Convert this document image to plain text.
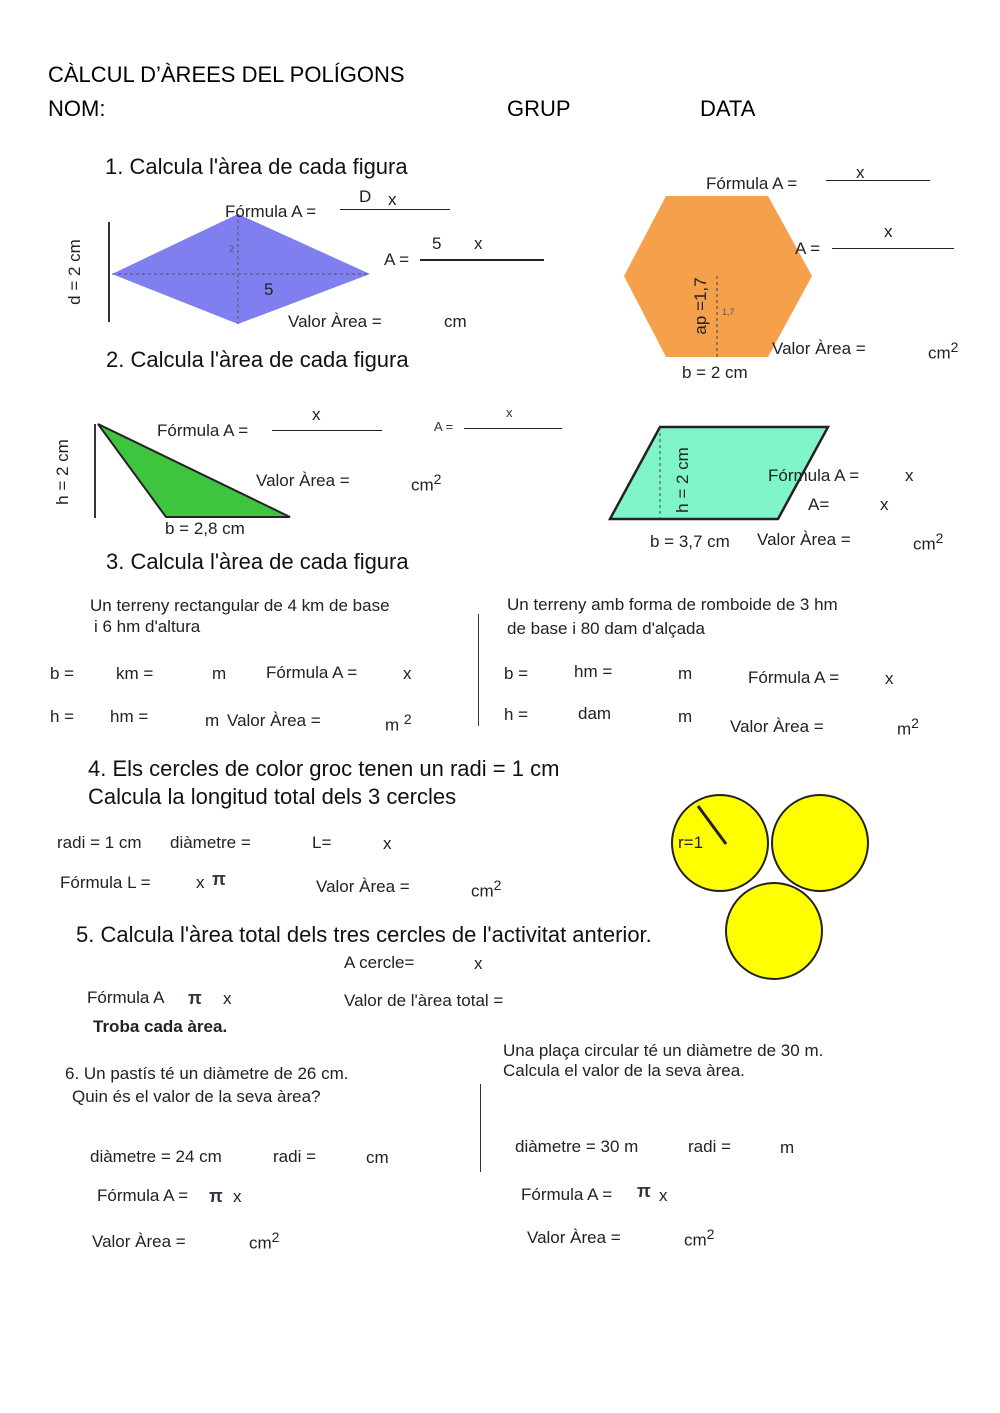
CÀLCUL D’ÀREES DEL POLÍGONS
NOM:	GRUP	DATA
1. Calcula l'àrea de cada figura
d = 2 cm	2
5
Fórmula A =
D x
A =
5 x
Valor Àrea =	cm
Fórmula A =
x
ap =1,7 1,7
A =
x
Valor Àrea =	$cm^2$
b = 2 cm
2. Calcula l'àrea de cada figura
h = 2 cm
Fórmula A =
x
A =
x
Valor Àrea =	$cm^2$
b = 2,8 cm
h = 2 cm	Fórmula A =	x
A=	x
b = 3,7 cm Valor Àrea =	$cm^2$
3. Calcula l'àrea de cada figura
Un terreny rectangular de 4 km de base
i 6 hm d'altura
b = km =	m Fórmula A =	x
h = hm =	m Valor Àrea =	m $^2$
Un terreny amb forma de romboide de 3 hm
de base i 80 dam d'alçada
b =	hm =	m	Fórmula A =	x
h =	dam	m
Valor Àrea =	$m^2$
4. Els cercles de color groc tenen un radi = 1 cm
Calcula la longitud total dels 3 cercles
radi = 1 cm diàmetre =	L=	x
Fórmula L =	x π	Valor Àrea =	$cm^2$
r=1
5. Calcula l'àrea total dels tres cercles de l'activitat anterior.
A cercle=	x
Fórmula A π x	Valor de l'àrea total =
Troba cada àrea.
6. Un pastís té un diàmetre de 26 cm.
Quin és el valor de la seva àrea?
diàmetre = 24 cm	radi =	cm
Fórmula A = π x
Valor Àrea =	$cm^2$
Una plaça circular té un diàmetre de 30 m.
Calcula el valor de la seva àrea.
diàmetre = 30 m	radi =	m
Fórmula A = π x
Valor Àrea =	$cm^2$
